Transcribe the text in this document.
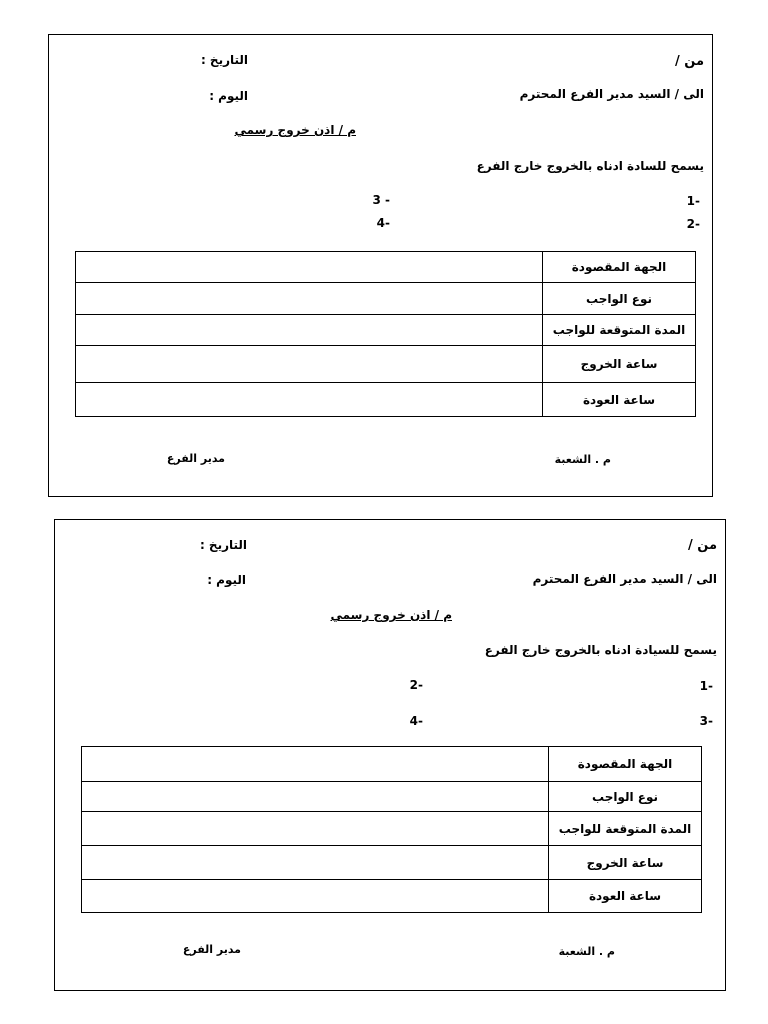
من /
التاريخ :
الى / السيد مدير الفرع المحترم
اليوم :
م / اذن خروج رسمي
يسمح للسادة ادناه بالخروج خارج الفرع
-1
-2
- 3
-4
الجهة المقصودة	
نوع الواجب	
المدة المتوقعة للواجب	
ساعة الخروج	
ساعة العودة	
م . الشعبة
مدير الفرع
من /
التاريخ :
الى / السيد مدير الفرع المحترم
اليوم :
م / اذن خروج رسمي
يسمح للسيادة ادناه بالخروج خارج الفرع
-1
-2
-3
-4
الجهة المقصودة	
نوع الواجب	
المدة المتوقعة للواجب	
ساعة الخروج	
ساعة العودة	
م . الشعبة
مدير الفرع
